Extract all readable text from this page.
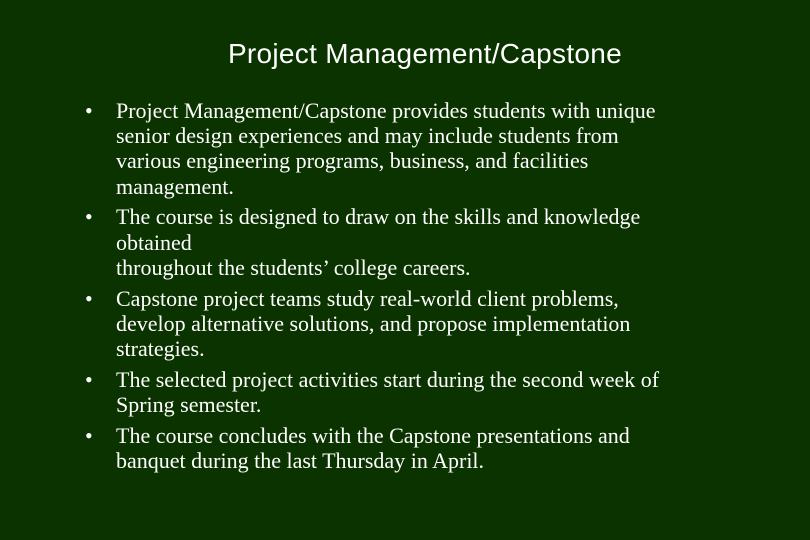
Project Management/Capstone
• Project Management/Capstone provides students with unique
senior design experiences and may include students from
various engineering programs, business, and facilities
management.
• The course is designed to draw on the skills and knowledge
obtained
throughout the students’ college careers.
• Capstone project teams study real-world client problems,
develop alternative solutions, and propose implementation
strategies.
• The selected project activities start during the second week of
Spring semester.
• The course concludes with the Capstone presentations and
banquet during the last Thursday in April.
